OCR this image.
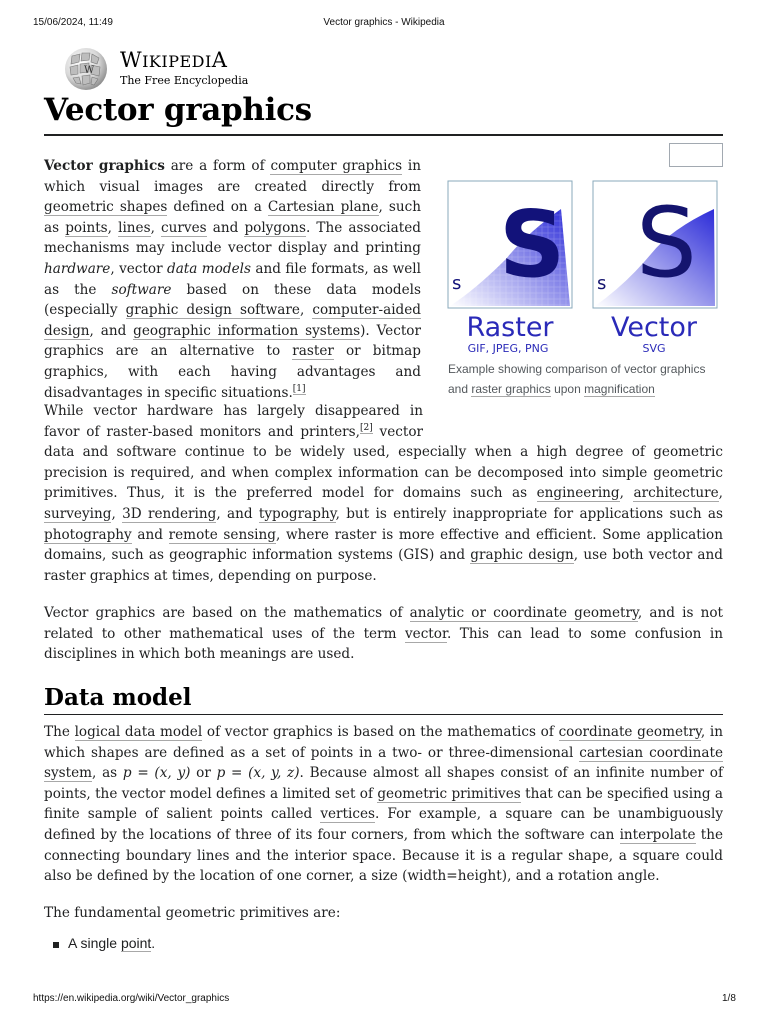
15/06/2024, 11:49	Vector graphics - Wikipedia
W WIKIPEDIA
The Free Encyclopedia
Vector graphics

Vector graphics are a form of computer graphics in which visual images are created directly from geometric shapes defined on a Cartesian plane, such as points, lines, curves and polygons. The associated mechanisms may include vector display and printing hardware, vector data models and file formats, as well as the software based on these data models (especially graphic design software, computer-aided design, and geographic information systems). Vector graphics are an alternative to raster or bitmap graphics, with each having advantages and disadvantages in specific situations.[1]

S
s S
s
Raster
GIF, JPEG, PNG
Vector
SVG
Example showing comparison of vector graphics and raster graphics upon magnification
While vector hardware has largely disappeared in favor of raster-based monitors and printers,[2] vector data and software continue to be widely used, especially when a high degree of geometric precision is required, and when complex information can be decomposed into simple geometric primitives. Thus, it is the preferred model for domains such as engineering, architecture, surveying, 3D rendering, and typography, but is entirely inappropriate for applications such as photography and remote sensing, where raster is more effective and efficient. Some application domains, such as geographic information systems (GIS) and graphic design, use both vector and raster graphics at times, depending on purpose.

Vector graphics are based on the mathematics of analytic or coordinate geometry, and is not related to other mathematical uses of the term vector. This can lead to some confusion in disciplines in which both meanings are used.

Data model

The logical data model of vector graphics is based on the mathematics of coordinate geometry, in which shapes are defined as a set of points in a two- or three-dimensional cartesian coordinate system, as p = (x, y) or p = (x, y, z). Because almost all shapes consist of an infinite number of points, the vector model defines a limited set of geometric primitives that can be specified using a finite sample of salient points called vertices. For example, a square can be unambiguously defined by the locations of three of its four corners, from which the software can interpolate the connecting boundary lines and the interior space. Because it is a regular shape, a square could also be defined by the location of one corner, a size (width=height), and a rotation angle.

The fundamental geometric primitives are:

A single point.
https://en.wikipedia.org/wiki/Vector_graphics	1/8
